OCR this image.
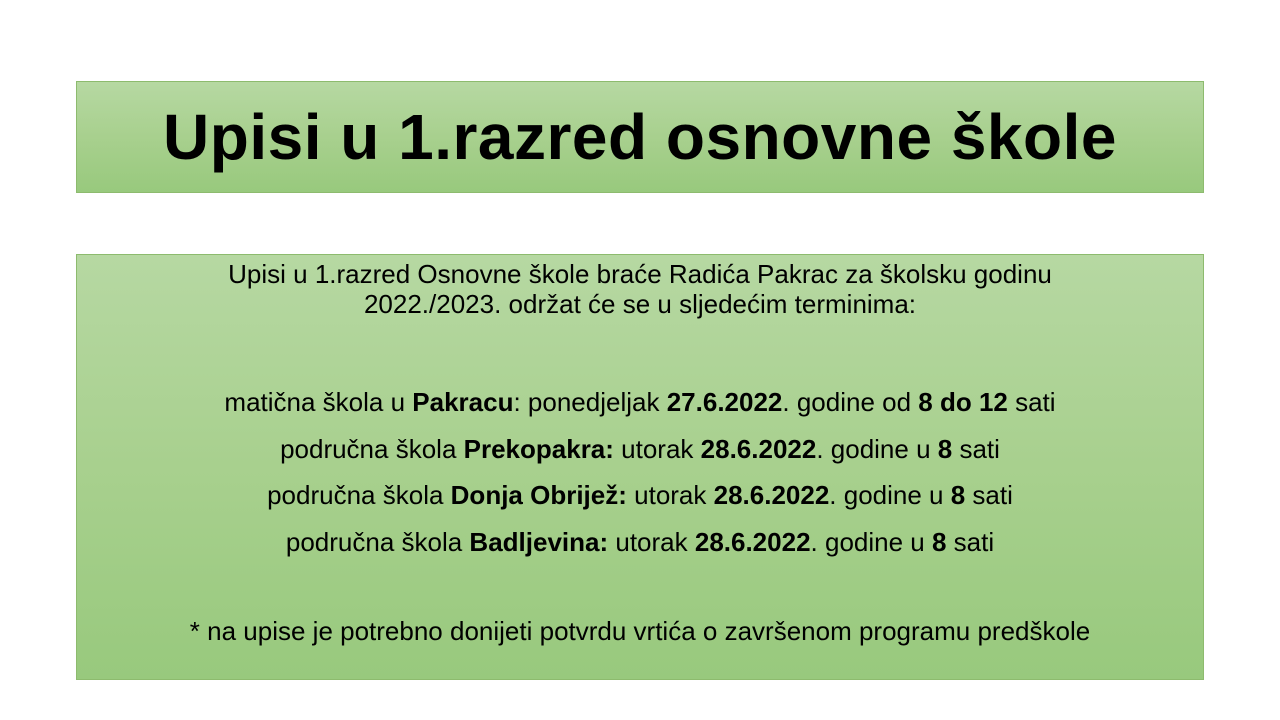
Upisi u 1.razred osnovne škole
Upisi u 1.razred Osnovne škole braće Radića Pakrac za školsku godinu
2022./2023. održat će se u sljedećim terminima:
matična škola u Pakracu: ponedjeljak 27.6.2022. godine od 8 do 12 sati
područna škola Prekopakra: utorak 28.6.2022. godine u 8 sati
područna škola Donja Obrijež: utorak 28.6.2022. godine u 8 sati
područna škola Badljevina: utorak 28.6.2022. godine u 8 sati
* na upise je potrebno donijeti potvrdu vrtića o završenom programu predškole
